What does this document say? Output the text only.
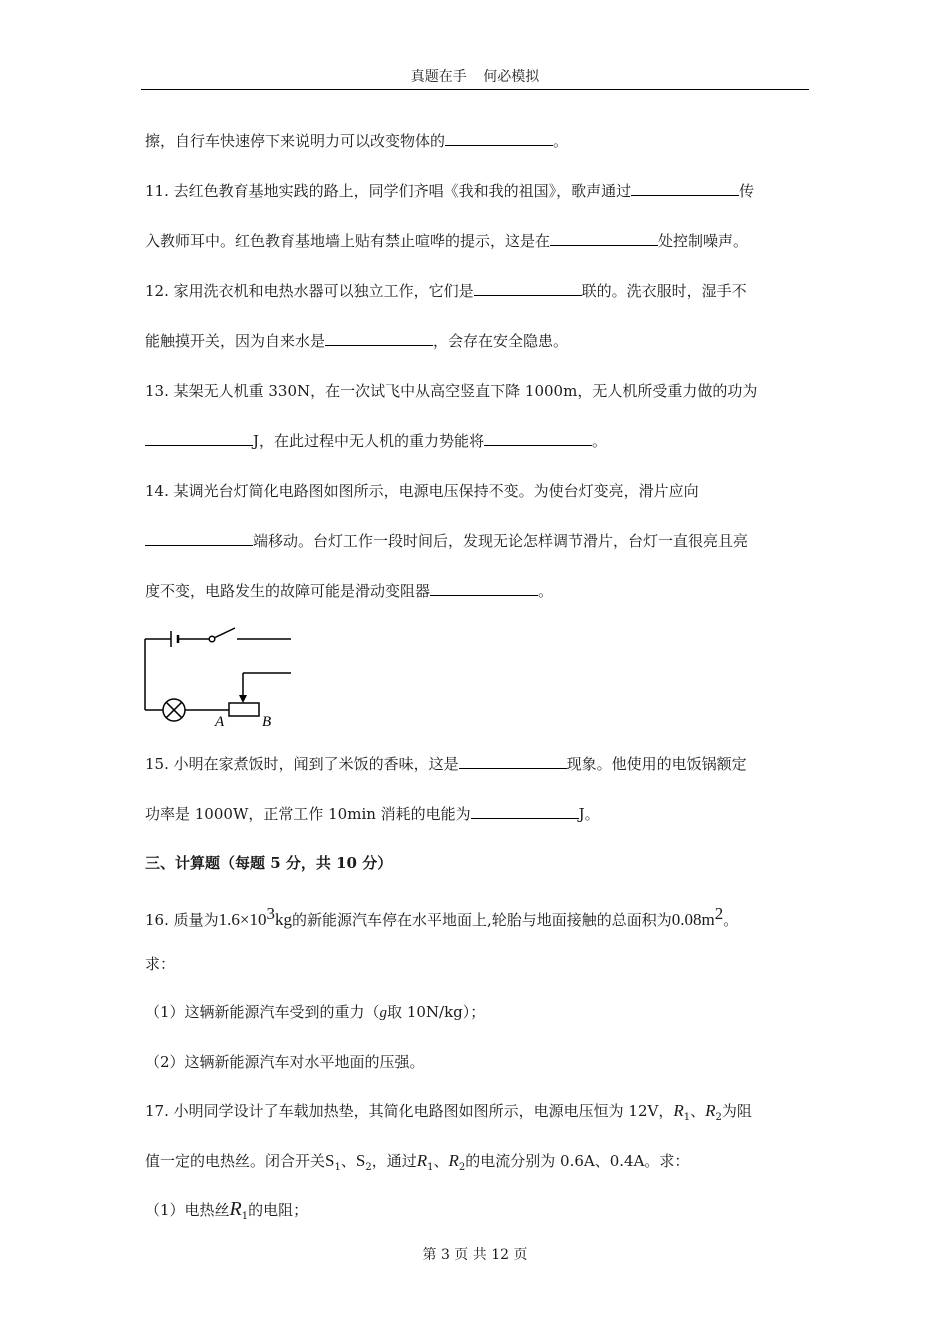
真题在手 何必模拟
擦，自行车快速停下来说明力可以改变物体的	。
11. 去红色教育基地实践的路上，同学们齐唱《我和我的祖国》，歌声通过	传
入教师耳中。红色教育基地墙上贴有禁止喧哗的提示，这是在	处控制噪声。
12. 家用洗衣机和电热水器可以独立工作，它们是	联的。洗衣服时，湿手不
能触摸开关，因为自来水是	，会存在安全隐患。
13. 某架无人机重 330N，在一次试飞中从高空竖直下降 1000m，无人机所受重力做的功为
J，在此过程中无人机的重力势能将	。
14. 某调光台灯简化电路图如图所示，电源电压保持不变。为使台灯变亮，滑片应向
端移动。台灯工作一段时间后，发现无论怎样调节滑片，台灯一直很亮且亮
度不变，电路发生的故障可能是滑动变阻器	。
A	B
15. 小明在家煮饭时，闻到了米饭的香味，这是	现象。他使用的电饭锅额定
功率是 1000W，正常工作 10min 消耗的电能为	J。
三、计算题（每题 5 分，共 10 分）
16. 质量为$1.6\times 10^3kg$的新能源汽车停在水平地面上,轮胎与地面接触的总面积为$0.08m^2$。
求：
（1）这辆新能源汽车受到的重力（g取 10N/kg）；
（2）这辆新能源汽车对水平地面的压强。
17. 小明同学设计了车载加热垫，其简化电路图如图所示，电源电压恒为 12V，$R_1$、$R_2$为阻
值一定的电热丝。闭合开关$S_1$、$S_2$，通过$R_1$、$R_2$的电流分别为 0.6A、0.4A。求：
（1）电热丝$R_1$的电阻；
第 3 页 共 12 页
